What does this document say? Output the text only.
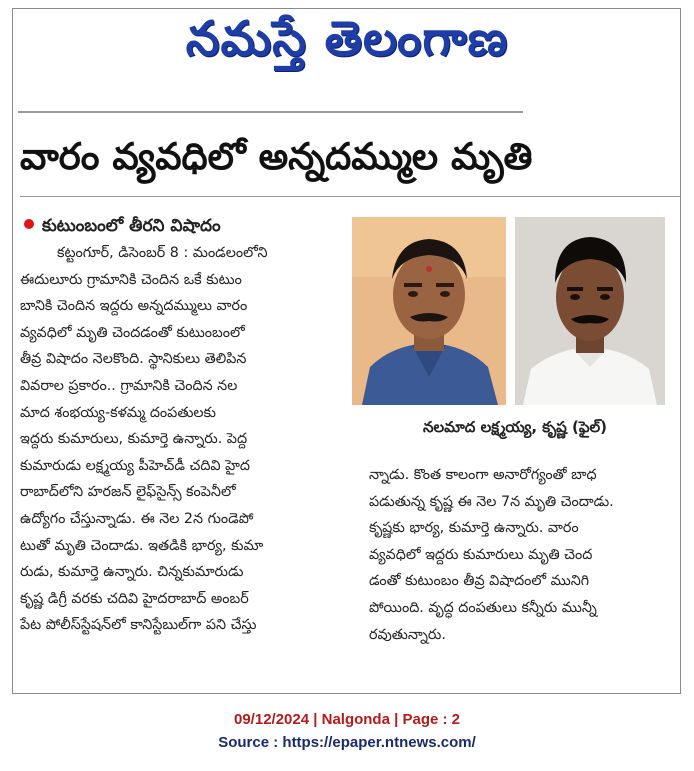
నమస్తే తెలంగాణ
వారం వ్యవధిలో అన్నదమ్ముల మృతి
కుటుంబంలో తీరని విషాదం
కట్టంగూర్, డిసెంబర్ 8 : మండలంలోని
ఈదులూరు గ్రామానికి చెందిన ఒకే కుటుం
బానికి చెందిన ఇద్దరు అన్నదమ్ములు వారం
వ్యవధిలో మృతి చెందడంతో కుటుంబంలో
తీవ్ర విషాదం నెలకొంది. స్థానికులు తెలిపిన
వివరాల ప్రకారం.. గ్రామానికి చెందిన నల
మాద శంభయ్య-కళమ్మ దంపతులకు
ఇద్దరు కుమారులు, కుమార్తె ఉన్నారు. పెద్ద
కుమారుడు లక్ష్మయ్య పీహెచ్‌డీ చదివి హైద
రాబాద్‌లోని హరజన్ లైఫ్‌సైన్స్ కంపెనీలో
ఉద్యోగం చేస్తున్నాడు. ఈ నెల 2న గుండెపో
టుతో మృతి చెందాడు. ఇతడికి భార్య, కుమా
రుడు, కుమార్తె ఉన్నారు. చిన్నకుమారుడు
కృష్ణ డిగ్రీ వరకు చదివి హైదరాబాద్ అంబర్
పేట పోలీస్‌స్టేషన్‌లో కానిస్టేబుల్‌గా పని చేస్తు
నలమాద లక్ష్మయ్య, కృష్ణ (ఫైల్)
న్నాడు. కొంత కాలంగా అనారోగ్యంతో బాధ
పడుతున్న కృష్ణ ఈ నెల 7న మృతి చెందాడు.
కృష్ణకు భార్య, కుమార్తె ఉన్నారు. వారం
వ్యవధిలో ఇద్దరు కుమారులు మృతి చెంద
డంతో కుటుంబం తీవ్ర విషాదంలో మునిగి
పోయింది. వృద్ధ దంపతులు కన్నీరు మున్నీ
రవుతున్నారు.
09/12/2024 | Nalgonda | Page : 2
Source : https://epaper.ntnews.com/
